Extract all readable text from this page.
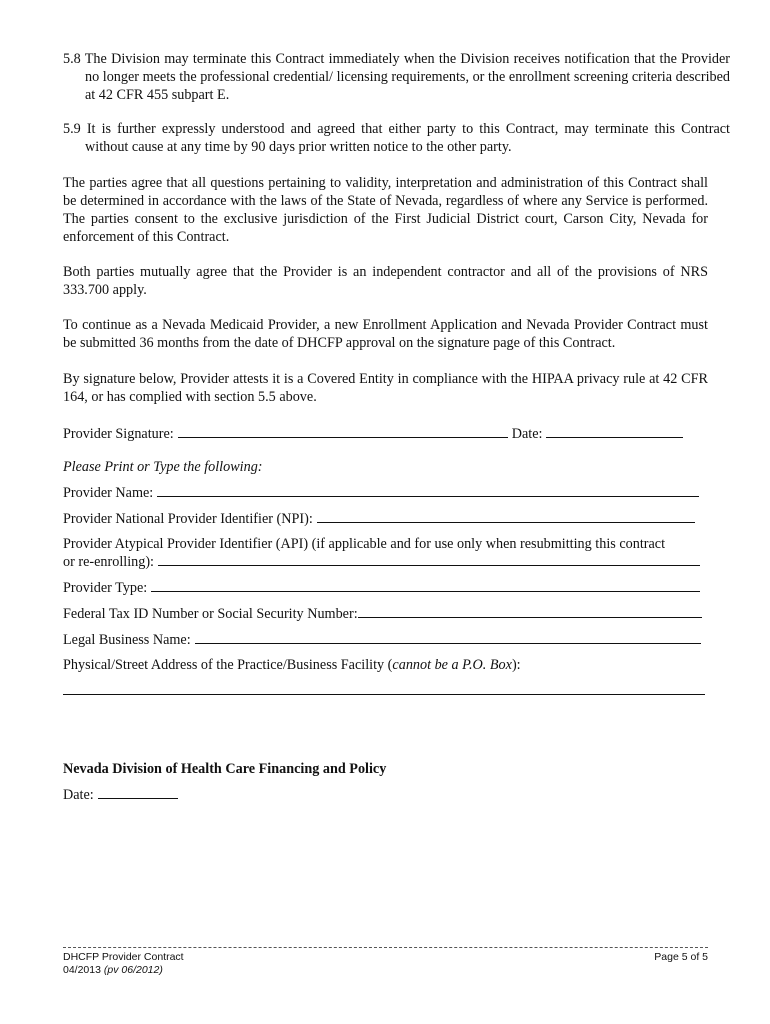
5.8 The Division may terminate this Contract immediately when the Division receives notification that the Provider no longer meets the professional credential/ licensing requirements, or the enrollment screening criteria described at 42 CFR 455 subpart E.
5.9 It is further expressly understood and agreed that either party to this Contract, may terminate this Contract without cause at any time by 90 days prior written notice to the other party.
The parties agree that all questions pertaining to validity, interpretation and administration of this Contract shall be determined in accordance with the laws of the State of Nevada, regardless of where any Service is performed. The parties consent to the exclusive jurisdiction of the First Judicial District court, Carson City, Nevada for enforcement of this Contract.
Both parties mutually agree that the Provider is an independent contractor and all of the provisions of NRS 333.700 apply.
To continue as a Nevada Medicaid Provider, a new Enrollment Application and Nevada Provider Contract must be submitted 36 months from the date of DHCFP approval on the signature page of this Contract.
By signature below, Provider attests it is a Covered Entity in compliance with the HIPAA privacy rule at 42 CFR 164, or has complied with section 5.5 above.
Provider Signature:	Date:
Please Print or Type the following:
Provider Name:
Provider National Provider Identifier (NPI):
Provider Atypical Provider Identifier (API) (if applicable and for use only when resubmitting this contract
or re-enrolling):
Provider Type:
Federal Tax ID Number or Social Security Number:
Legal Business Name:
Physical/Street Address of the Practice/Business Facility ( cannot be a P.O. Box ):
Nevada Division of Health Care Financing and Policy
Date:
DHCFP Provider Contract
04/2013 (pv 06/2012)
Page 5 of 5
